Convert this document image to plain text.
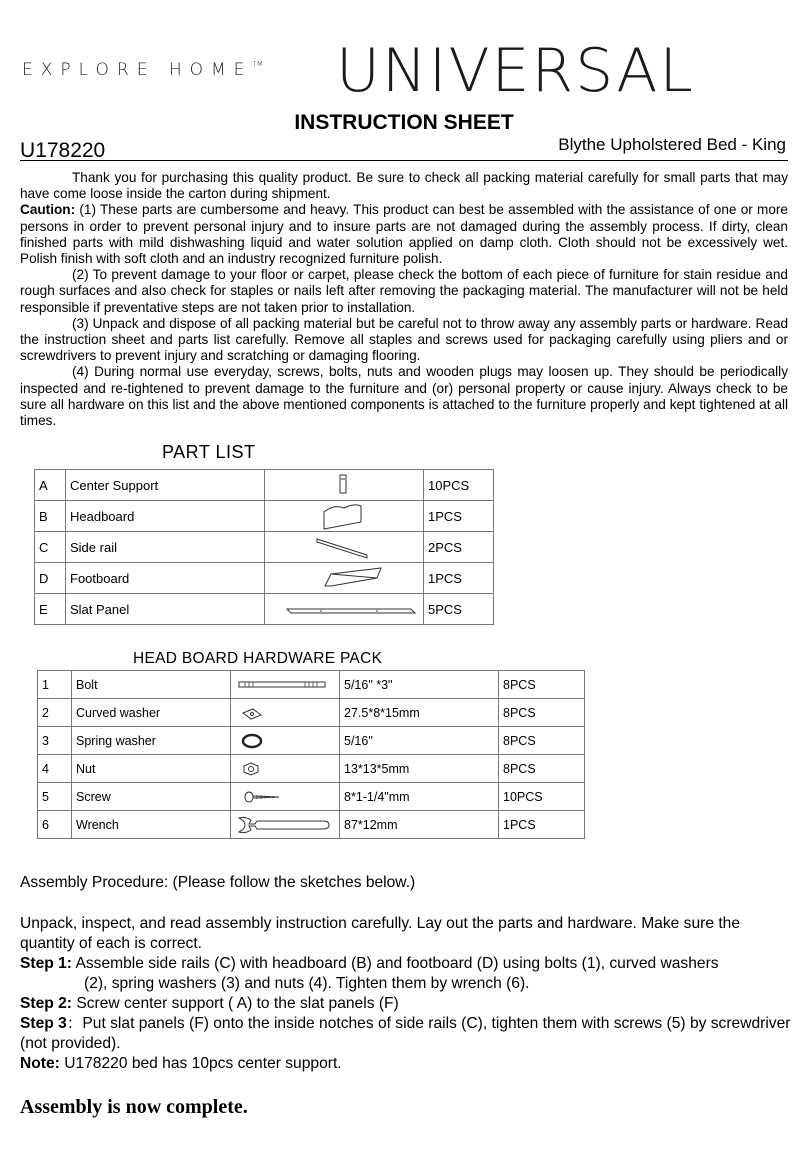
EXPLORE HOME™ UNIVERSAL
INSTRUCTION SHEET
U178220	Blythe Upholstered Bed - King

Thank you for purchasing this quality product. Be sure to check all packing material carefully for small parts that may have come loose inside the carton during shipment.

Caution: (1) These parts are cumbersome and heavy. This product can best be assembled with the assistance of one or more persons in order to prevent personal injury and to insure parts are not damaged during the assembly process. If dirty, clean finished parts with mild dishwashing liquid and water solution applied on damp cloth. Cloth should not be excessively wet. Polish finish with soft cloth and an industry recognized furniture polish.

(2) To prevent damage to your floor or carpet, please check the bottom of each piece of furniture for stain residue and rough surfaces and also check for staples or nails left after removing the packaging material. The manufacturer will not be held responsible if preventative steps are not taken prior to installation.

(3) Unpack and dispose of all packing material but be careful not to throw away any assembly parts or hardware. Read the instruction sheet and parts list carefully. Remove all staples and screws used for packaging carefully using pliers and or screwdrivers to prevent injury and scratching or damaging flooring.

(4) During normal use everyday, screws, bolts, nuts and wooden plugs may loosen up. They should be periodically inspected and re-tightened to prevent damage to the furniture and (or) personal property or cause injury. Always check to be sure all hardware on this list and the above mentioned components is attached to the furniture properly and kept tightened at all times.

PART LIST
A	Center Support		10PCS
B	Headboard		1PCS
C	Side rail		2PCS
D	Footboard		1PCS
E	Slat Panel		5PCS
HEAD BOARD HARDWARE PACK
1	Bolt		5/16" *3"	8PCS
2	Curved washer		27.5*8*15mm	8PCS
3	Spring washer		5/16"	8PCS
4	Nut		13*13*5mm	8PCS
5	Screw		8*1-1/4"mm	10PCS
6	Wrench		87*12mm	1PCS
Assembly Procedure: (Please follow the sketches below.)

Unpack, inspect, and read assembly instruction carefully. Lay out the parts and hardware. Make sure the quantity of each is correct.

Step 1: Assemble side rails (C) with headboard (B) and footboard (D) using bolts (1), curved washers

(2), spring washers (3) and nuts (4). Tighten them by wrench (6).

Step 2: Screw center support ( A) to the slat panels (F)

Step 3：Put slat panels (F) onto the inside notches of side rails (C), tighten them with screws (5) by screwdriver (not provided).

Note: U178220 bed has 10pcs center support.

Assembly is now complete.
